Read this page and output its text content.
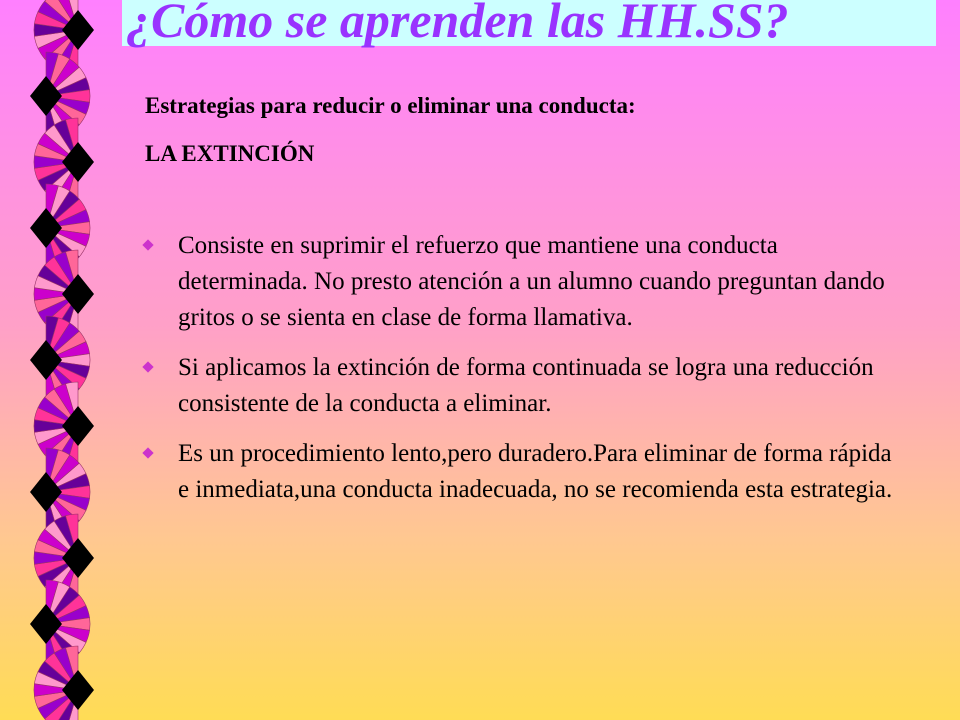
¿Cómo se aprenden las HH.SS?

Estrategias para reducir o eliminar una conducta:

LA EXTINCIÓN

Consiste en suprimir el refuerzo que mantiene una conducta determinada. No presto atención a un alumno cuando preguntan dando gritos o se sienta en clase de forma llamativa.
Si aplicamos la extinción de forma continuada se logra una reducción consistente de la conducta a eliminar.
Es un procedimiento lento,pero duradero.Para eliminar de forma rápida e inmediata,una conducta inadecuada, no se recomienda esta estrategia.
